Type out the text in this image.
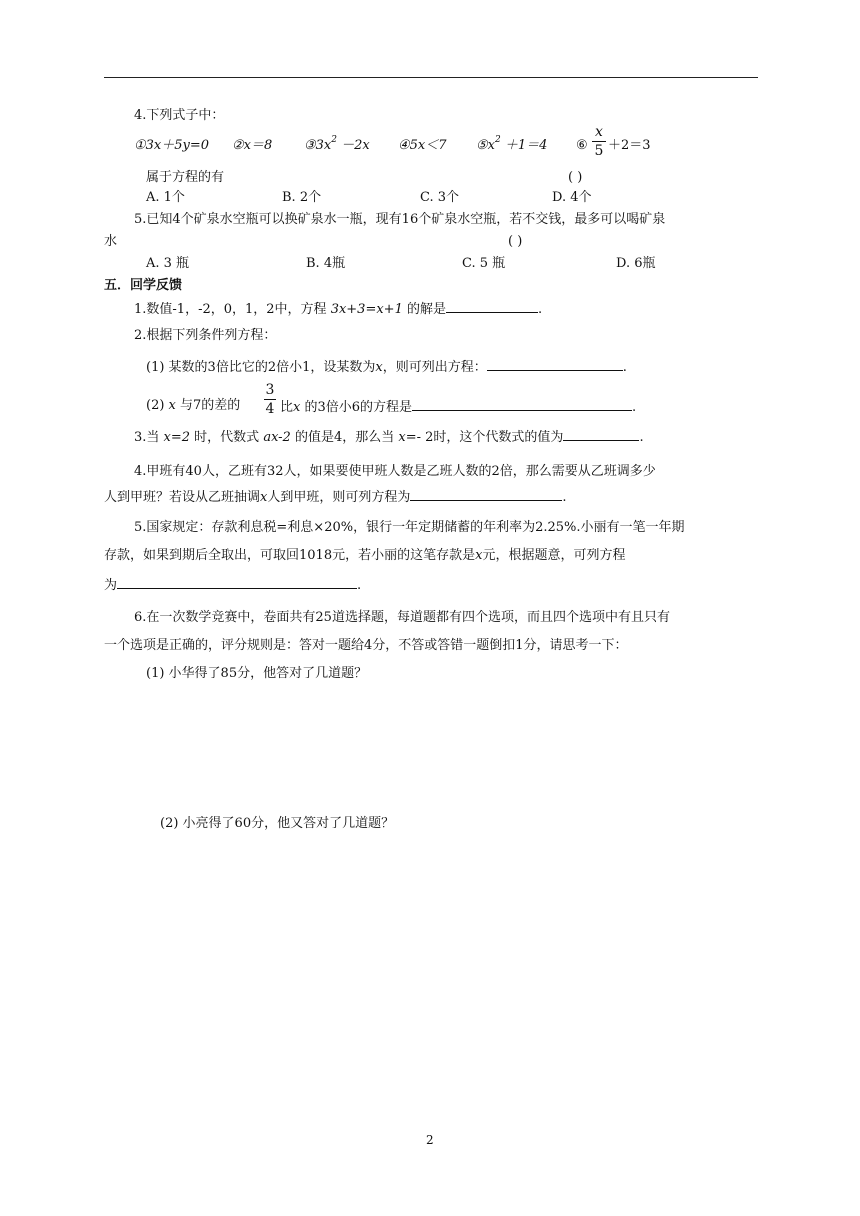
4.下列式子中：
①3x＋5y=0 ②x＝8 $③3x^2 -2x$ ④5x＜7 $⑤x^2 +1=4$ ⑥
x
5 ＋2＝3
属于方程的有	( )
A. 1个	B. 2个	C. 3个	D. 4个
5.已知4个矿泉水空瓶可以换矿泉水一瓶，现有16个矿泉水空瓶，若不交钱，最多可以喝矿泉
水	( )
A. 3 瓶	B. 4瓶	C. 5 瓶	D. 6瓶
五．回学反馈
1.数值-1，-2，0，1，2中，方程 3x+3=x+1 的解是	.
2.根据下列条件列方程：
(1) 某数的3倍比它的2倍小1，设某数为x，则可列出方程：	.
(2) x 与7的差的
3
4 比x 的3倍小6的方程是	.
3.当 x=2 时，代数式 ax-2 的值是4，那么当 x=- 2时，这个代数式的值为	.
4.甲班有40人，乙班有32人，如果要使甲班人数是乙班人数的2倍，那么需要从乙班调多少
人到甲班？若设从乙班抽调x人到甲班，则可列方程为	.
5.国家规定：存款利息税=利息×20%，银行一年定期储蓄的年利率为2.25%.小丽有一笔一年期
存款，如果到期后全取出，可取回1018元，若小丽的这笔存款是x元，根据题意，可列方程
为	.
6.在一次数学竞赛中，卷面共有25道选择题，每道题都有四个选项，而且四个选项中有且只有
一个选项是正确的，评分规则是：答对一题给4分，不答或答错一题倒扣1分，请思考一下：
(1) 小华得了85分，他答对了几道题？
(2) 小亮得了60分，他又答对了几道题？
2
